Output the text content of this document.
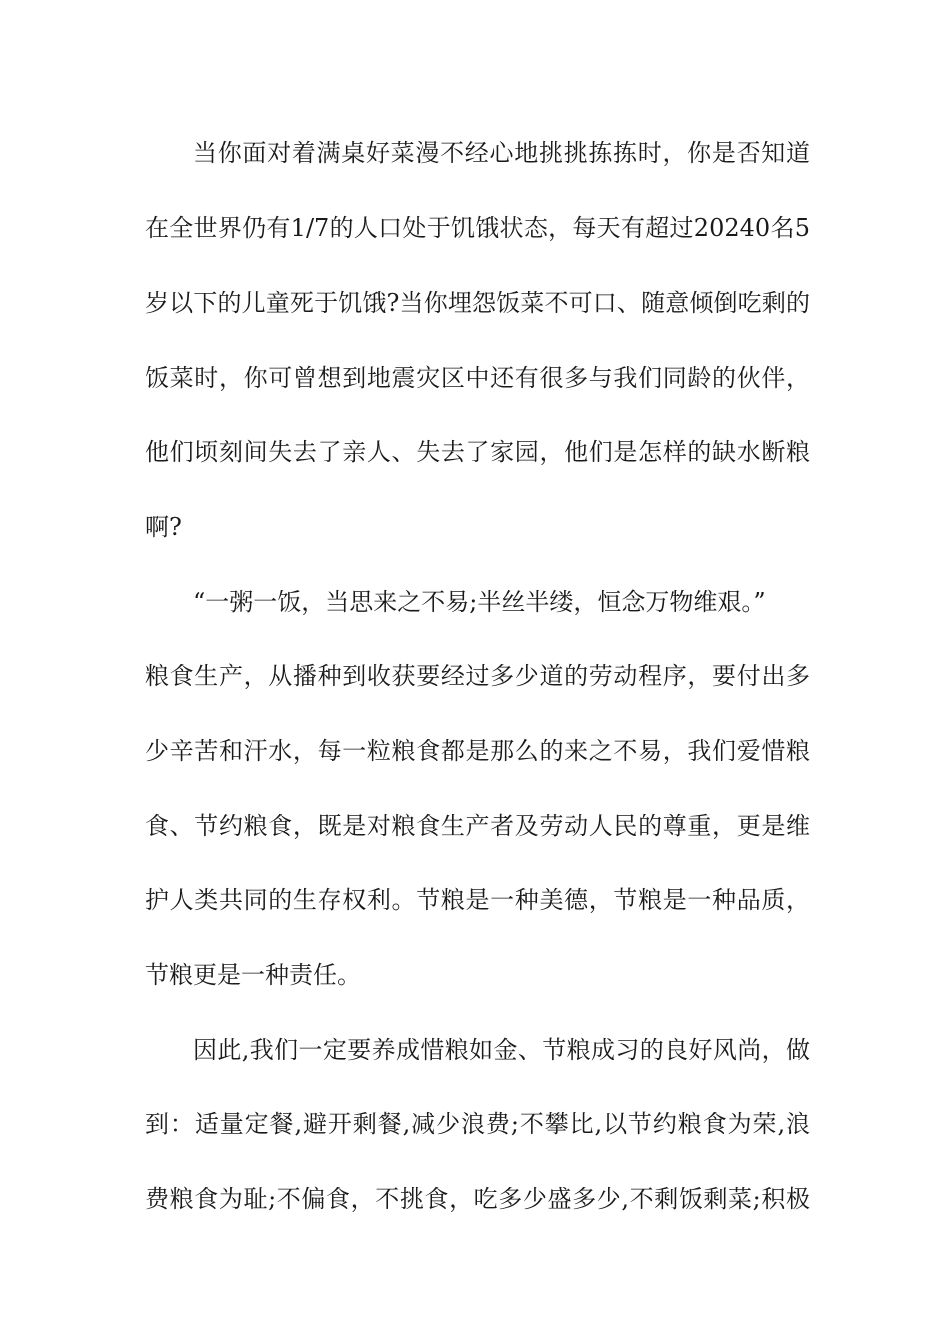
当你面对着满桌好菜漫不经心地挑挑拣拣时，你是否知道
在全世界仍有1/7的人口处于饥饿状态，每天有超过20240名5
岁以下的儿童死于饥饿?当你埋怨饭菜不可口、随意倾倒吃剩的
饭菜时，你可曾想到地震灾区中还有很多与我们同龄的伙伴，
他们顷刻间失去了亲人、失去了家园，他们是怎样的缺水断粮
啊?
“一粥一饭，当思来之不易;半丝半缕，恒念万物维艰。”
粮食生产，从播种到收获要经过多少道的劳动程序，要付出多
少辛苦和汗水，每一粒粮食都是那么的来之不易，我们爱惜粮
食、节约粮食，既是对粮食生产者及劳动人民的尊重，更是维
护人类共同的生存权利。节粮是一种美德，节粮是一种品质，
节粮更是一种责任。
因此,我们一定要养成惜粮如金、节粮成习的良好风尚，做
到：适量定餐,避开剩餐,减少浪费;不攀比,以节约粮食为荣,浪
费粮食为耻;不偏食，不挑食，吃多少盛多少,不剩饭剩菜;积极
